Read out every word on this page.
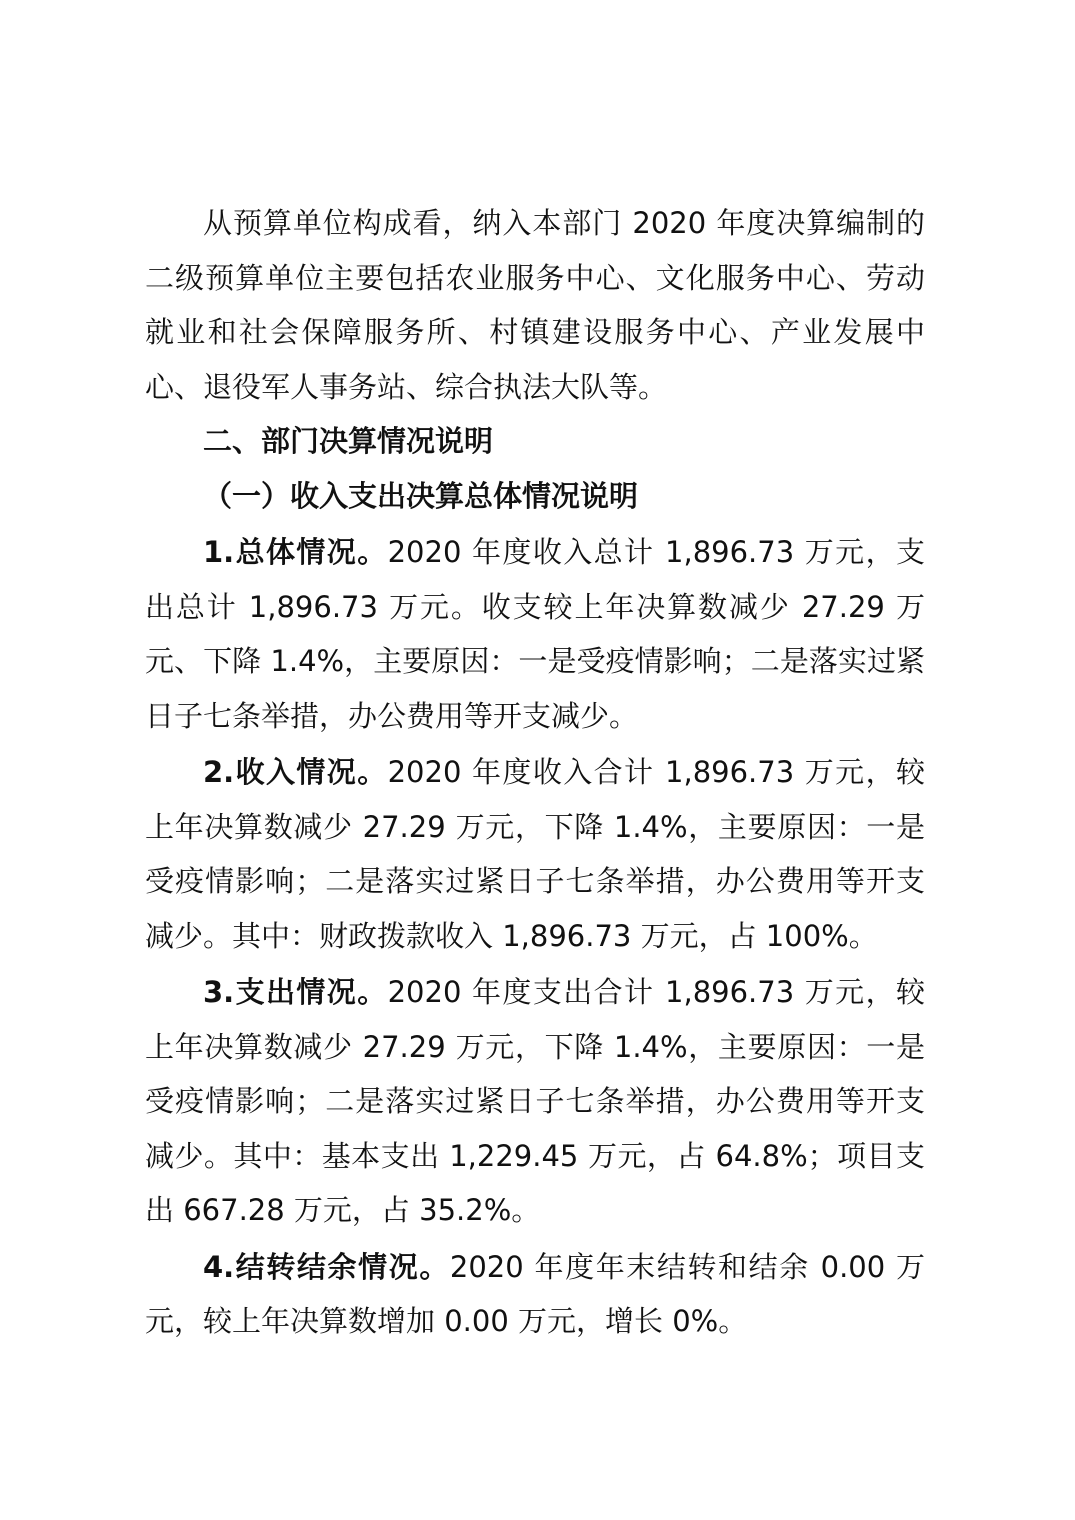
从预算单位构成看，纳入本部门 2020 年度决算编制的二级预算单位主要包括农业服务中心、文化服务中心、劳动就业和社会保障服务所、村镇建设服务中心、产业发展中心、退役军人事务站、综合执法大队等。

二、部门决算情况说明

（一）收入支出决算总体情况说明

1.总体情况。2020 年度收入总计 1,896.73 万元，支出总计 1,896.73 万元。收支较上年决算数减少 27.29 万元、下降 1.4%，主要原因：一是受疫情影响；二是落实过紧日子七条举措，办公费用等开支减少。

2.收入情况。2020 年度收入合计 1,896.73 万元，较上年决算数减少 27.29 万元，下降 1.4%，主要原因：一是受疫情影响；二是落实过紧日子七条举措，办公费用等开支减少。其中：财政拨款收入 1,896.73 万元，占 100%。

3.支出情况。2020 年度支出合计 1,896.73 万元，较上年决算数减少 27.29 万元，下降 1.4%，主要原因：一是受疫情影响；二是落实过紧日子七条举措，办公费用等开支减少。其中：基本支出 1,229.45 万元，占 64.8%；项目支出 667.28 万元，占 35.2%。

4.结转结余情况。2020 年度年末结转和结余 0.00 万元，较上年决算数增加 0.00 万元，增长 0%。
